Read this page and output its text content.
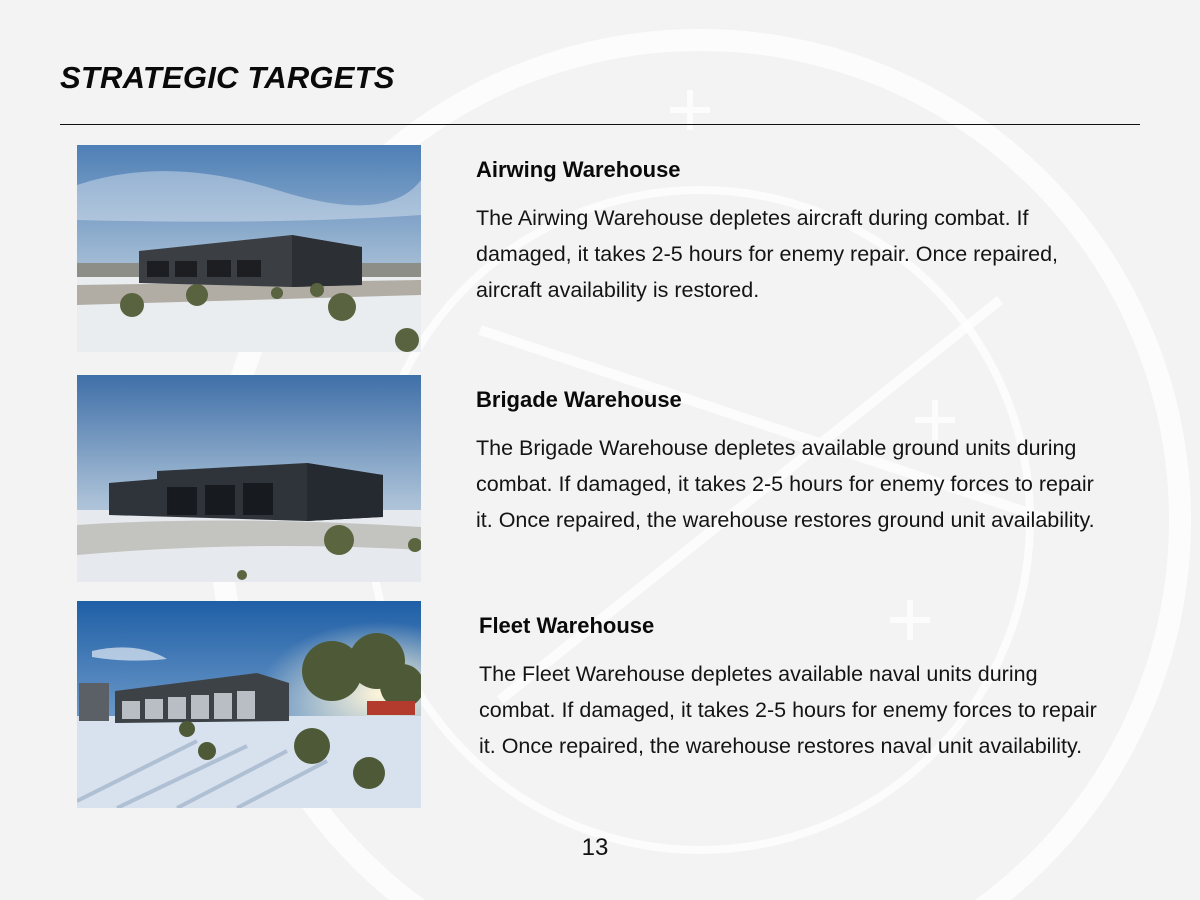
STRATEGIC TARGETS
Airwing Warehouse

The Airwing Warehouse depletes aircraft during combat. If damaged, it takes 2-5 hours for enemy repair. Once repaired, aircraft availability is restored.

Brigade Warehouse

The Brigade Warehouse depletes available ground units during combat. If damaged, it takes 2-5 hours for enemy forces to repair it. Once repaired, the warehouse restores ground unit availability.

Fleet Warehouse

The Fleet Warehouse depletes available naval units during combat. If damaged, it takes 2-5 hours for enemy forces to repair it. Once repaired, the warehouse restores naval unit availability.

13
